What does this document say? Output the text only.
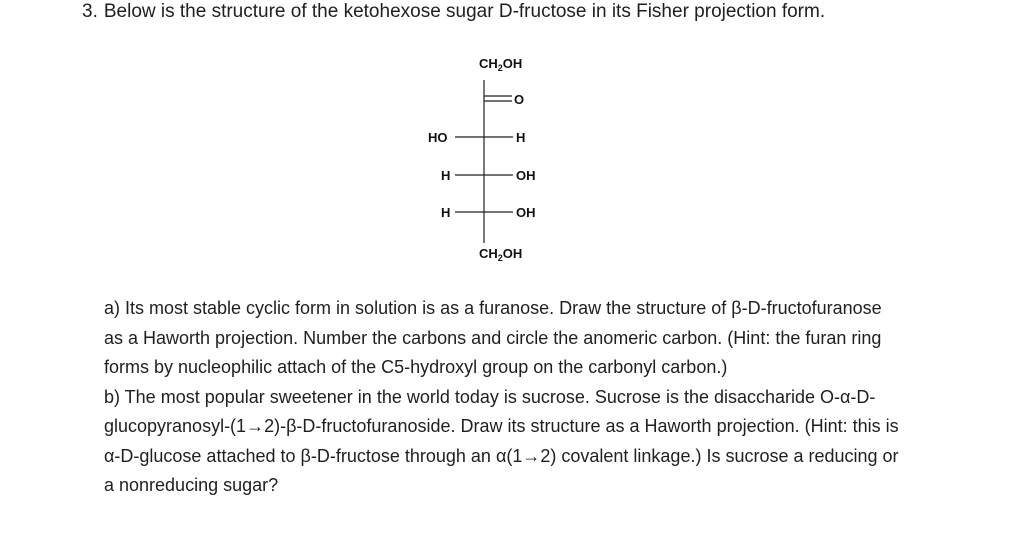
3. Below is the structure of the ketohexose sugar D-fructose in its Fisher projection form.
$CH_2OH$
O
HO	H
H	OH
H	OH
$CH_2OH$

a) Its most stable cyclic form in solution is as a furanose. Draw the structure of β-D-fructofuranose as a Haworth projection. Number the carbons and circle the anomeric carbon. (Hint: the furan ring forms by nucleophilic attach of the C5-hydroxyl group on the carbonyl carbon.)

b) The most popular sweetener in the world today is sucrose. Sucrose is the disaccharide O-α-D-glucopyranosyl-(1→2)-β-D-fructofuranoside. Draw its structure as a Haworth projection. (Hint: this is α-D-glucose attached to β-D-fructose through an α(1→2) covalent linkage.) Is sucrose a reducing or a nonreducing sugar?
